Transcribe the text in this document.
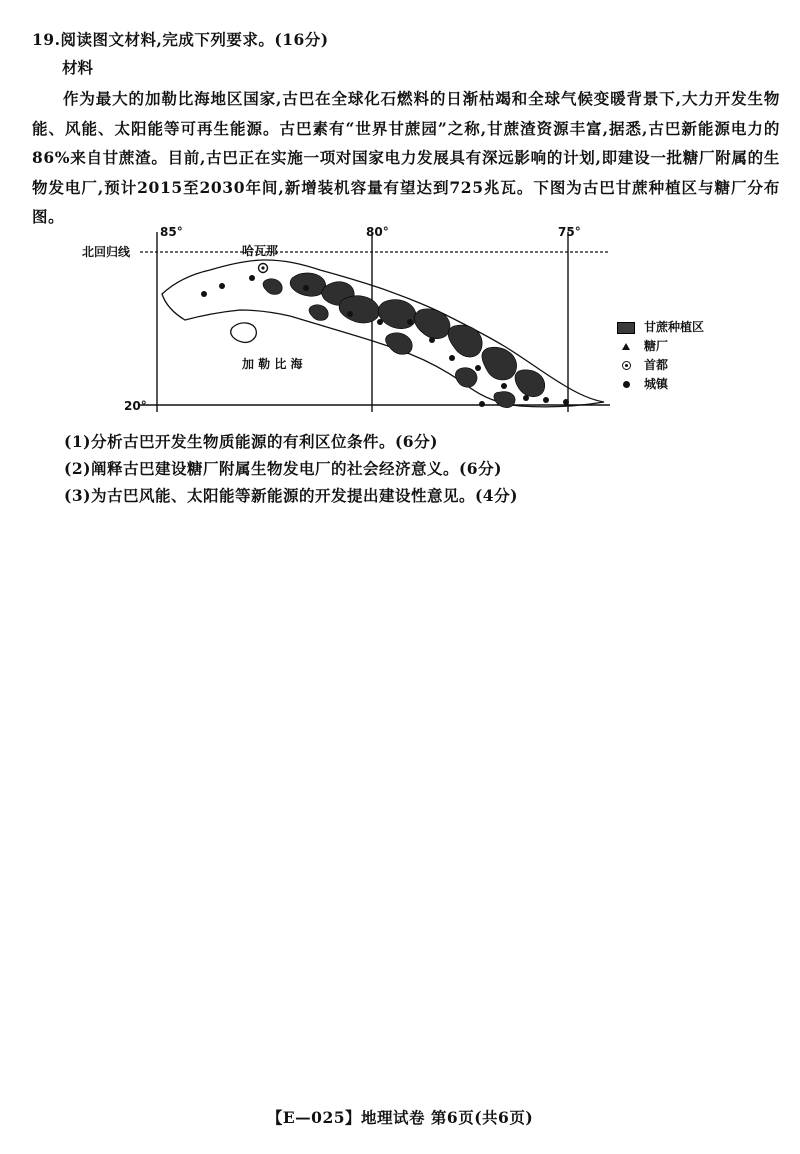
19.阅读图文材料,完成下列要求。(16分)
材料
作为最大的加勒比海地区国家,古巴在全球化石燃料的日渐枯竭和全球气候变暖背景下,大力开发生物能、风能、太阳能等可再生能源。古巴素有“世界甘蔗园”之称,甘蔗渣资源丰富,据悉,古巴新能源电力的86%来自甘蔗渣。目前,古巴正在实施一项对国家电力发展具有深远影响的计划,即建设一批糖厂附属的生物发电厂,预计2015至2030年间,新增装机容量有望达到725兆瓦。下图为古巴甘蔗种植区与糖厂分布图。
85°	80°	75°
20°
北回归线	哈瓦那
加 勒 比 海
甘蔗种植区
糖厂
首都
城镇
(1)分析古巴开发生物质能源的有利区位条件。(6分)
(2)阐释古巴建设糖厂附属生物发电厂的社会经济意义。(6分)
(3)为古巴风能、太阳能等新能源的开发提出建设性意见。(4分)
【E—025】地理试卷 第6页(共6页)
